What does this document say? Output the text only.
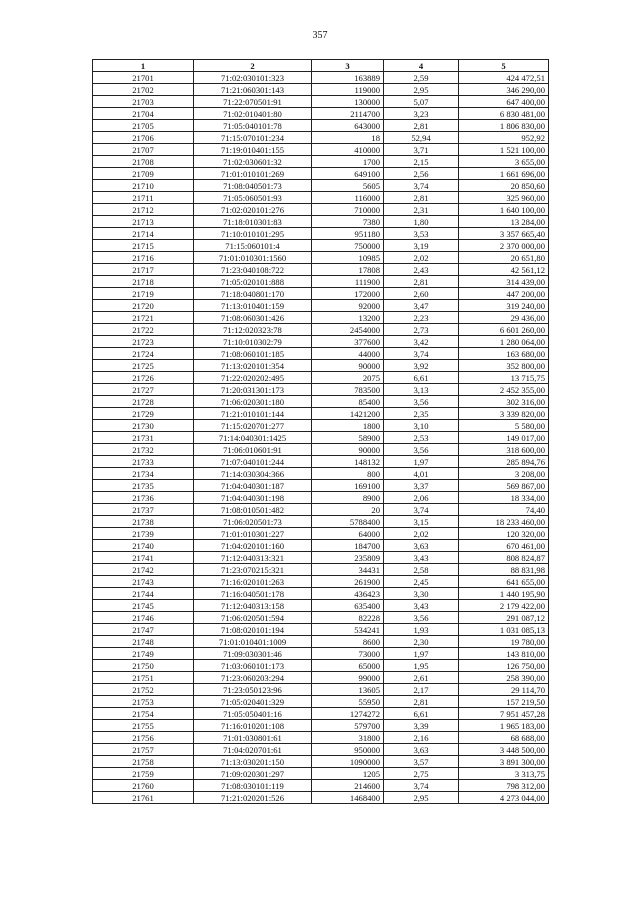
357
1	2	3	4	5
21701	71:02:030101:323	163889	2,59	424 472,51
21702	71:21:060301:143	119000	2,95	346 290,00
21703	71:22:070501:91	130000	5,07	647 400,00
21704	71:02:010401:80	2114700	3,23	6 830 481,00
21705	71:05:040101:78	643000	2,81	1 806 830,00
21706	71:15:070101:234	18	52,94	952,92
21707	71:19:010401:155	410000	3,71	1 521 100,00
21708	71:02:030601:32	1700	2,15	3 655,00
21709	71:01:010101:269	649100	2,56	1 661 696,00
21710	71:08:040501:73	5605	3,74	20 850,60
21711	71:05:060501:93	116000	2,81	325 960,00
21712	71:02:020101:276	710000	2,31	1 640 100,00
21713	71:18:010301:83	7380	1,80	13 284,00
21714	71:10:010101:295	951180	3,53	3 357 665,40
21715	71:15:060101:4	750000	3,19	2 370 000,00
21716	71:01:010301:1560	10985	2,02	20 651,80
21717	71:23:040108:722	17808	2,43	42 561,12
21718	71:05:020101:888	111900	2,81	314 439,00
21719	71:18:040801:170	172000	2,60	447 200,00
21720	71:13:010401:159	92000	3,47	319 240,00
21721	71:08:060301:426	13200	2,23	29 436,00
21722	71:12:020323:78	2454000	2,73	6 601 260,00
21723	71:10:010302:79	377600	3,42	1 280 064,00
21724	71:08:060101:185	44000	3,74	163 680,00
21725	71:13:020101:354	90000	3,92	352 800,00
21726	71:22:020202:495	2075	6,61	13 715,75
21727	71:20:031301:173	783500	3,13	2 452 355,00
21728	71:06:020301:180	85400	3,56	302 316,00
21729	71:21:010101:144	1421200	2,35	3 339 820,00
21730	71:15:020701:277	1800	3,10	5 580,00
21731	71:14:040301:1425	58900	2,53	149 017,00
21732	71:06:010601:91	90000	3,56	318 600,00
21733	71:07:040101:244	148132	1,97	285 894,76
21734	71:14:030304:366	800	4,01	3 208,00
21735	71:04:040301:187	169100	3,37	569 867,00
21736	71:04:040301:198	8900	2,06	18 334,00
21737	71:08:010501:482	20	3,74	74,40
21738	71:06:020501:73	5788400	3,15	18 233 460,00
21739	71:01:010301:227	64000	2,02	120 320,00
21740	71:04:020101:160	184700	3,63	670 461,00
21741	71:12:040313:321	235809	3,43	808 824,87
21742	71:23:070215:321	34431	2,58	88 831,98
21743	71:16:020101:263	261900	2,45	641 655,00
21744	71:16:040501:178	436423	3,30	1 440 195,90
21745	71:12:040313:158	635400	3,43	2 179 422,00
21746	71:06:020501:594	82228	3,56	291 087,12
21747	71:08:020101:194	534241	1,93	1 031 085,13
21748	71:01:010401:1009	8600	2,30	19 780,00
21749	71:09:030301:46	73000	1,97	143 810,00
21750	71:03:060101:173	65000	1,95	126 750,00
21751	71:23:060203:294	99000	2,61	258 390,00
21752	71:23:050123:96	13605	2,17	29 114,70
21753	71:05:020401:329	55950	2,81	157 219,50
21754	71:05:050401:16	1274272	6,61	7 951 457,28
21755	71:16:010201:108	579700	3,39	1 965 183,00
21756	71:01:030801:61	31800	2,16	68 688,00
21757	71:04:020701:61	950000	3,63	3 448 500,00
21758	71:13:030201:150	1090000	3,57	3 891 300,00
21759	71:09:020301:297	1205	2,75	3 313,75
21760	71:08:030101:119	214600	3,74	798 312,00
21761	71:21:020201:526	1468400	2,95	4 273 044,00
